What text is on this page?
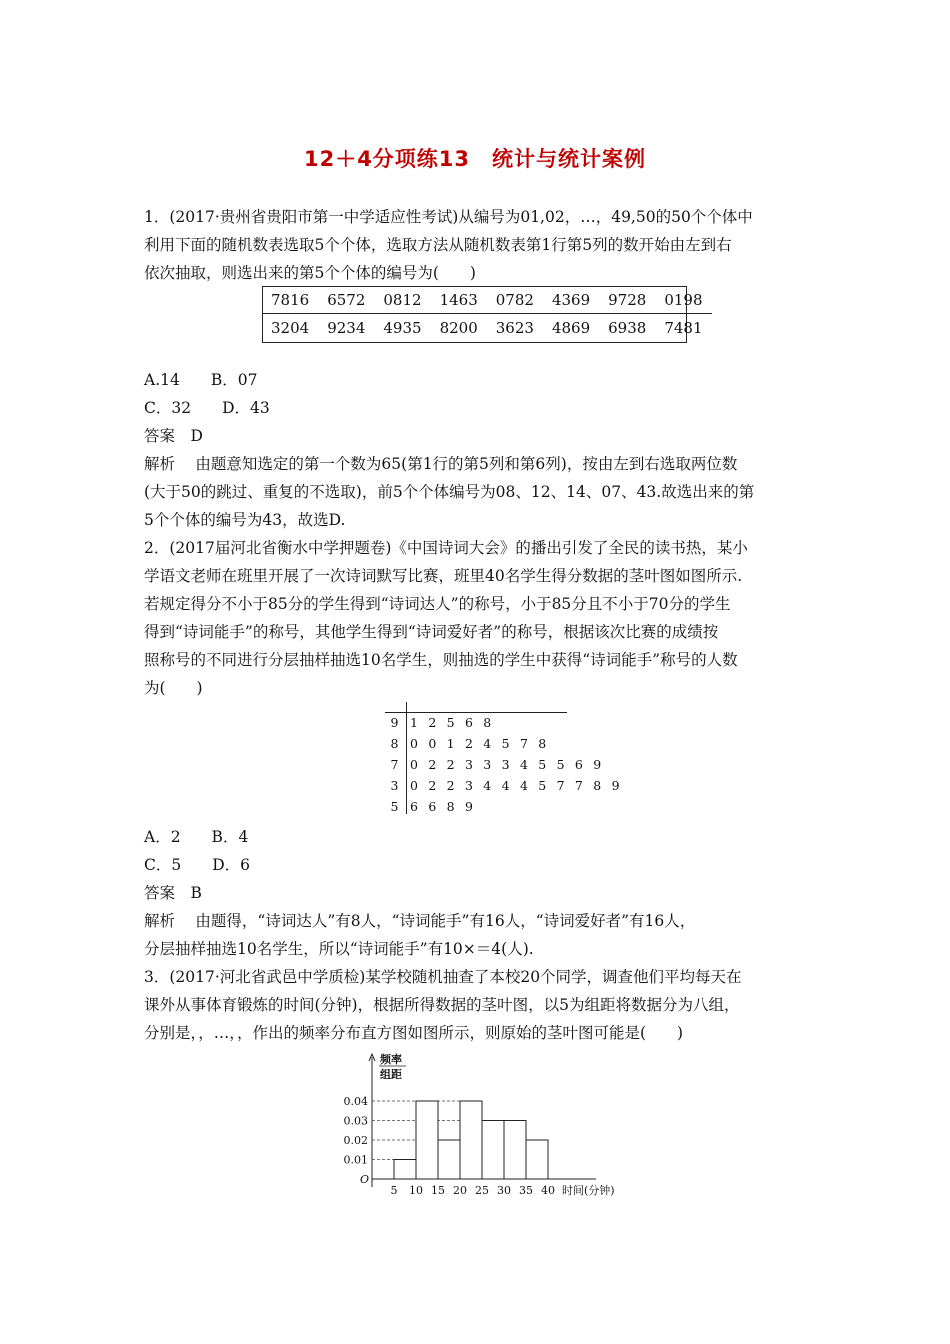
12＋4分项练13　统计与统计案例
1．(2017·贵州省贵阳市第一中学适应性考试)从编号为01,02，…，49,50的50个个体中
利用下面的随机数表选取5个个体，选取方法从随机数表第1行第5列的数开始由左到右
依次抽取，则选出来的第5个个体的编号为(　　)
7816	6572	0812	1463	0782	4369	9728	0198
3204	9234	4935	8200	3623	4869	6938	7481
A.14　　B．07
C．32　　D．43
答案　D
解析　 由题意知选定的第一个数为65(第1行的第5列和第6列)，按由左到右选取两位数
(大于50的跳过、重复的不选取)，前5个个体编号为08、12、14、07、43.故选出来的第
5个个体的编号为43，故选D.
2．(2017届河北省衡水中学押题卷)《中国诗词大会》的播出引发了全民的读书热，某小
学语文老师在班里开展了一次诗词默写比赛，班里40名学生得分数据的茎叶图如图所示.
若规定得分不小于85分的学生得到“诗词达人”的称号，小于85分且不小于70分的学生
得到“诗词能手”的称号，其他学生得到“诗词爱好者”的称号，根据该次比赛的成绩按
照称号的不同进行分层抽样抽选10名学生，则抽选的学生中获得“诗词能手”称号的人数
为(　　)
9 1 2 5 6 8
8 0 0 1 2 4 5 7 8
7 0 2 2 3 3 3 4 5 5 6 9
3 0 2 2 3 4 4 4 5 7 7 8 9
5 6 6 8 9
A．2　　B．4
C．5　　D．6
答案　B
解析　 由题得，“诗词达人”有8人，“诗词能手”有16人，“诗词爱好者”有16人，
分层抽样抽选10名学生，所以“诗词能手”有10×＝4(人).
3．(2017·河北省武邑中学质检)某学校随机抽查了本校20个同学，调查他们平均每天在
课外从事体育锻炼的时间(分钟)，根据所得数据的茎叶图，以5为组距将数据分为八组，
分别是，，…，，作出的频率分布直方图如图所示，则原始的茎叶图可能是(　　)
0.01
0.02
0.03
0.04
5 10 15 20 25 30 35 40
O
时间(分钟)
频率
组距
